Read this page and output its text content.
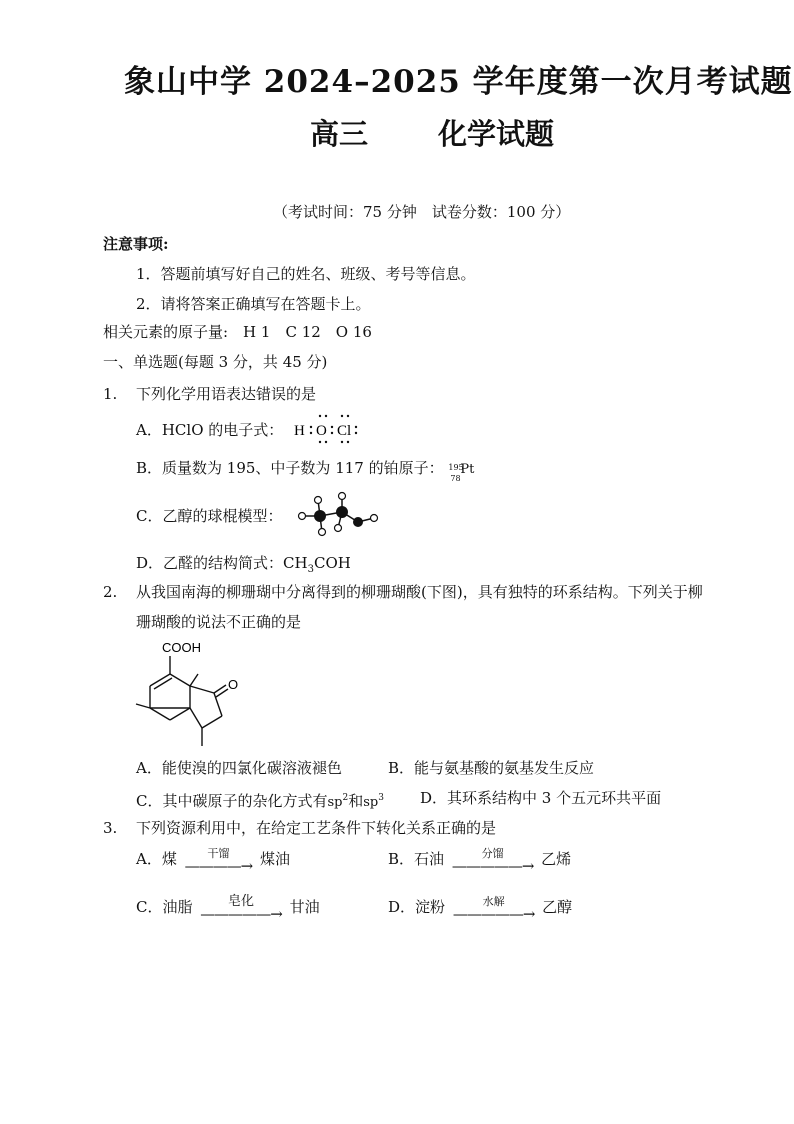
象山中学 2024–2025 学年度第一次月考试题
高三 化学试题
（考试时间：75 分钟　试卷分数：100 分）
注意事项:
1．答题前填写好自己的姓名、班级、考号等信息。
2．请将答案正确填写在答题卡上。
相关元素的原子量:　H 1　C 12　O 16
一、单选题(每题 3 分，共 45 分)
1. 下列化学用语表达错误的是
A．HClO 的电子式： H O Cl
B．质量数为 195、中子数为 117 的铂原子： 195
78
Pt
C．乙醇的球棍模型：
D．乙醛的结构简式：$CH_3COH$
2. 从我国南海的柳珊瑚中分离得到的柳珊瑚酸(下图)，具有独特的环系结构。下列关于柳
珊瑚酸的说法不正确的是
COOH
O
A．能使溴的四氯化碳溶液褪色	B．能与氨基酸的氨基发生反应
C．其中碳原子的杂化方式有$sp^2$和$sp^3$ D．其环系结构中 3 个五元环共平面
3. 下列资源利用中，在给定工艺条件下转化关系正确的是
A．煤	干馏
————→ 煤油	B．石油	分馏
—————→ 乙烯
C．油脂	皂化
—————→ 甘油	D．淀粉	水解
—————→ 乙醇
